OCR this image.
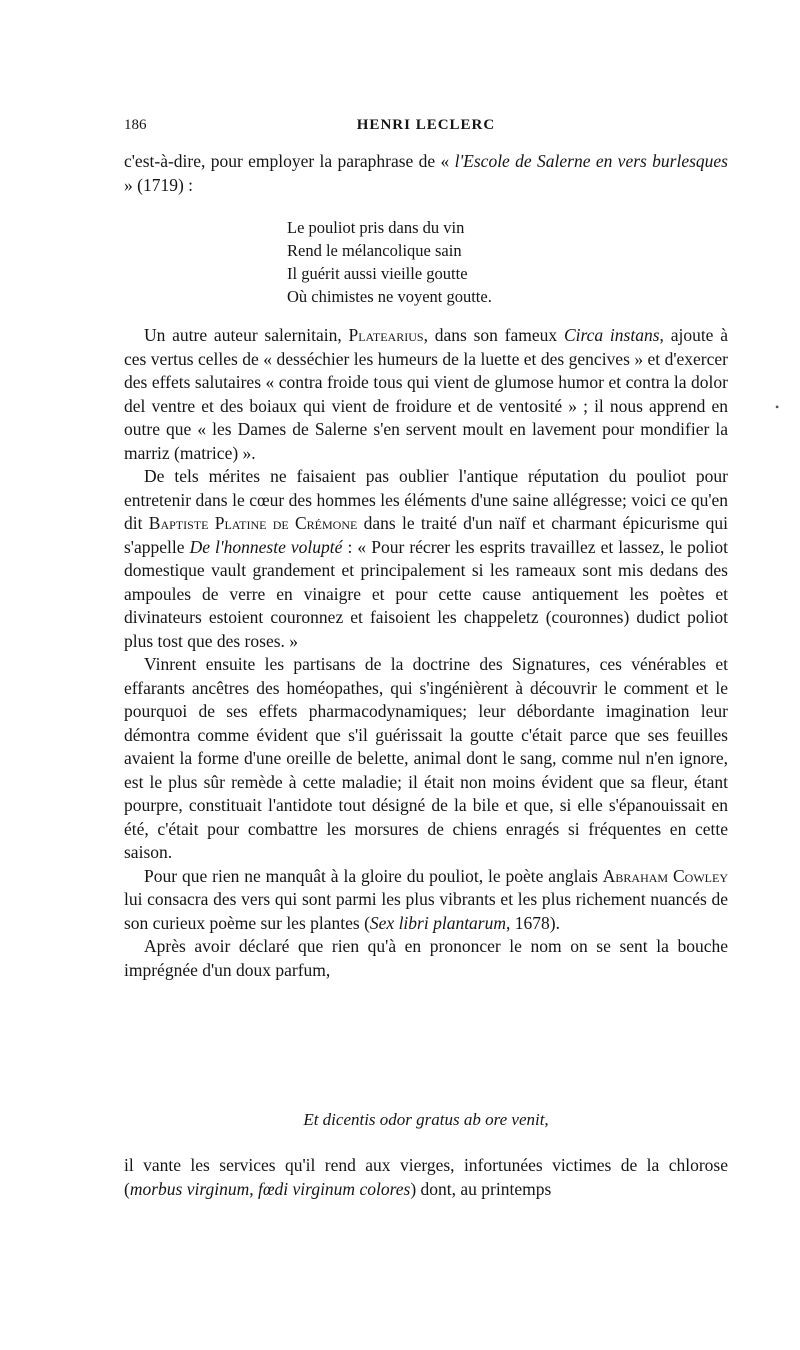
186	HENRI LECLERC

c'est-à-dire, pour employer la paraphrase de « l'Escole de Salerne en vers burlesques » (1719) :

Le pouliot pris dans du vin
Rend le mélancolique sain
Il guérit aussi vieille goutte
Où chimistes ne voyent goutte.

Un autre auteur salernitain, Platearius, dans son fameux Circa instans, ajoute à ces vertus celles de « desséchier les humeurs de la luette et des gencives » et d'exercer des effets salutaires « contra froide tous qui vient de glumose humor et contra la dolor del ventre et des boiaux qui vient de froidure et de ventosité » ; il nous apprend en outre que « les Dames de Salerne s'en servent moult en lavement pour mondifier la marriz (matrice) ».

De tels mérites ne faisaient pas oublier l'antique réputation du pouliot pour entretenir dans le cœur des hommes les éléments d'une saine allégresse; voici ce qu'en dit Baptiste Platine de Crémone dans le traité d'un naïf et charmant épicurisme qui s'appelle De l'honneste volupté : « Pour récrer les esprits travaillez et lassez, le poliot domestique vault grandement et principalement si les rameaux sont mis dedans des ampoules de verre en vinaigre et pour cette cause antiquement les poètes et divinateurs estoient couronnez et faisoient les chappeletz (couronnes) dudict poliot plus tost que des roses. »

Vinrent ensuite les partisans de la doctrine des Signatures, ces vénérables et effarants ancêtres des homéopathes, qui s'ingénièrent à découvrir le comment et le pourquoi de ses effets pharmacodynamiques; leur débordante imagination leur démontra comme évident que s'il guérissait la goutte c'était parce que ses feuilles avaient la forme d'une oreille de belette, animal dont le sang, comme nul n'en ignore, est le plus sûr remède à cette maladie; il était non moins évident que sa fleur, étant pourpre, constituait l'antidote tout désigné de la bile et que, si elle s'épanouissait en été, c'était pour combattre les morsures de chiens enragés si fréquentes en cette saison.

Pour que rien ne manquât à la gloire du pouliot, le poète anglais Abraham Cowley lui consacra des vers qui sont parmi les plus vibrants et les plus richement nuancés de son curieux poème sur les plantes (Sex libri plantarum, 1678).

Après avoir déclaré que rien qu'à en prononcer le nom on se sent la bouche imprégnée d'un doux parfum,

Et dicentis odor gratus ab ore venit,

il vante les services qu'il rend aux vierges, infortunées victimes de la chlorose (morbus virginum, fœdi virginum colores) dont, au printemps

•
